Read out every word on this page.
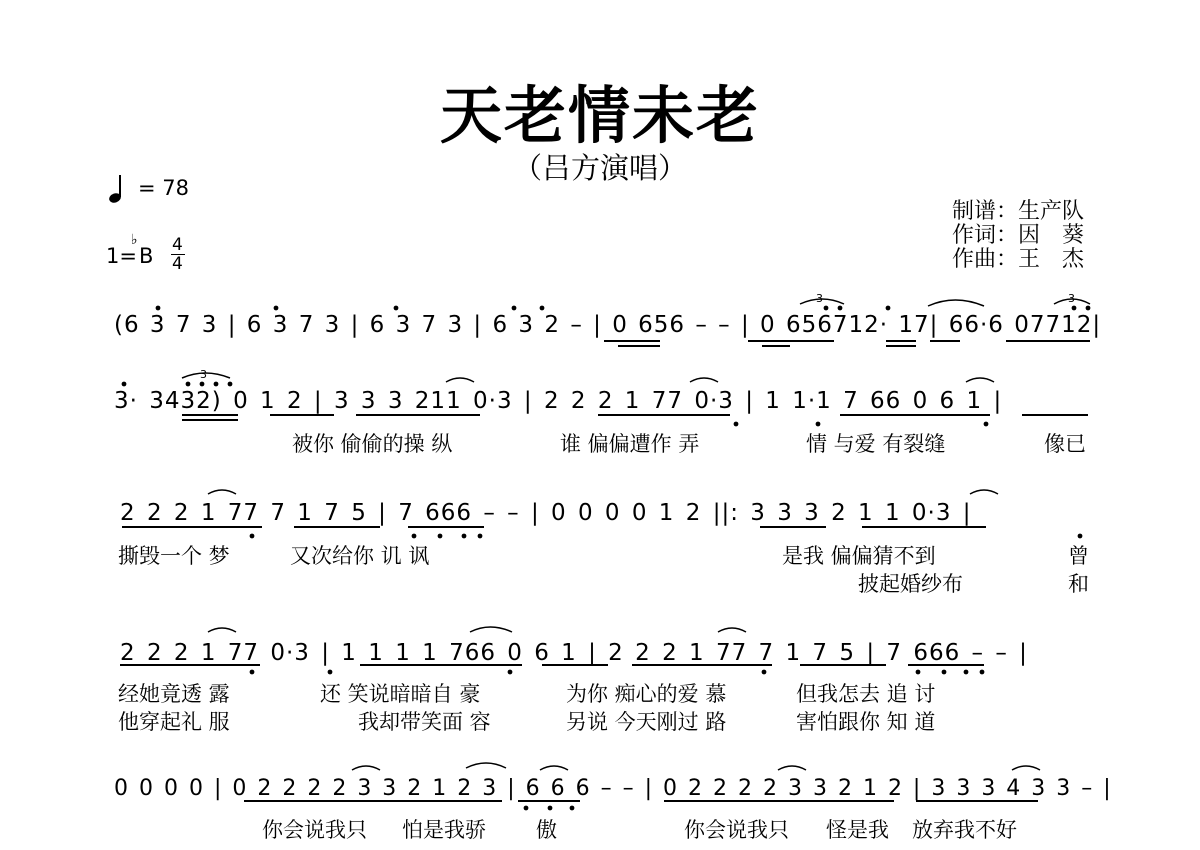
天老情未老
（吕方演唱）
= 78
1=
♭
B 4
4
制谱：生产队
作词：因　葵
作曲：王　杰
(6 3 7 3 | 6 3 7 3 | 6 3 7 3 | 6 3 2 – | 0 656 – – | 0 656712· 17| 66·6 07712|
3· 3432) 0 1 2 | 3 3 3 211 0·3 | 2 2 2 1 77 0·3 | 1 1·1 7 66 0 6 1 |
被你 偷偷的操 纵	谁 偏偏遭作 弄	情 与爱 有裂缝	像已
2 2 2 1 77 7 1 7 5 | 7 666 – – | 0 0 0 0 1 2 ||: 3 3 3 2 1 1 0·3 |
撕毁一个 梦	又次给你 讥 讽	是我 偏偏猜不到	曾
披起婚纱布	和
2 2 2 1 77 0·3 | 1 1 1 1 766 0 6 1 | 2 2 2 1 77 7 1 7 5 | 7 666 – – |
经她竟透 露	还 笑说暗暗自 豪	为你 痴心的爱 慕	但我怎去 追 讨
他穿起礼 服	我却带笑面 容	另说 今天刚过 路	害怕跟你 知 道
0 0 0 0 | 0 2 2 2 2 3 3 2 1 2 3 | 6 6 6 – – | 0 2 2 2 2 3 3 2 1 2 | 3 3 3 4 3 3 – |
你会说我只 怕是我骄 傲	你会说我只 怪是我 放弃我不好
3	3
3
